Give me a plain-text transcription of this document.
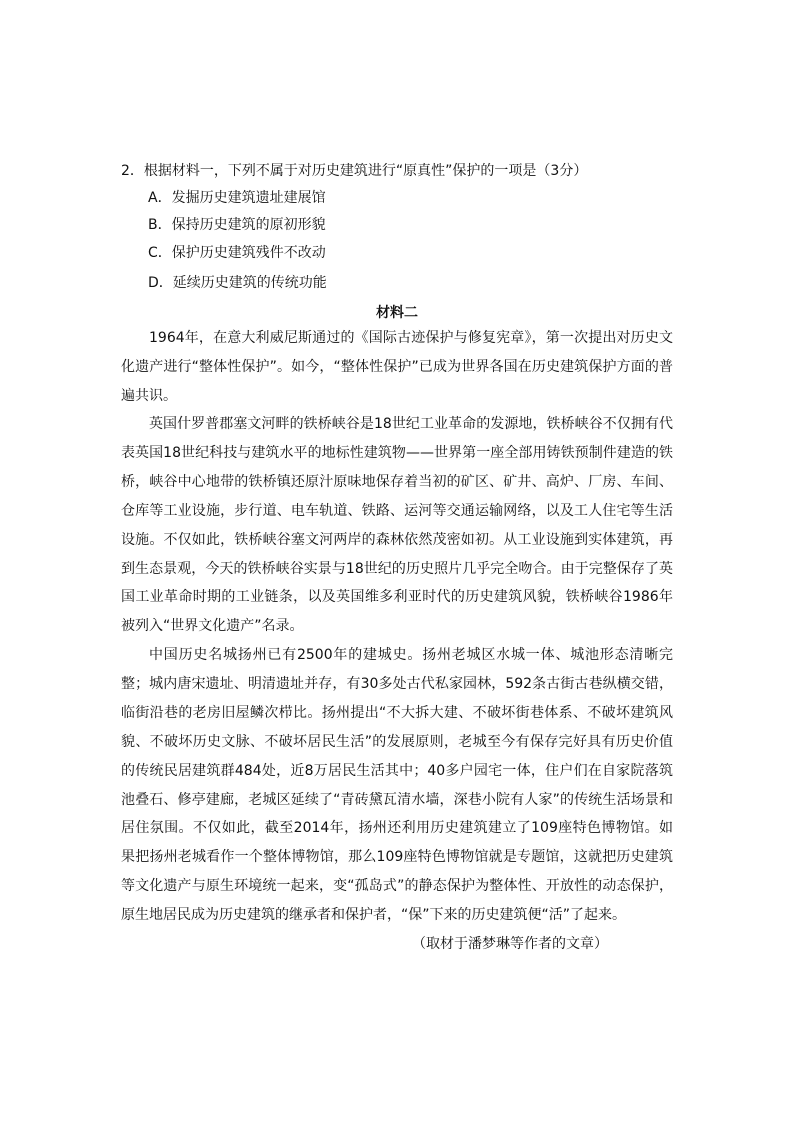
2．根据材料一，下列不属于对历史建筑进行“原真性”保护的一项是（3分）
A．发掘历史建筑遗址建展馆
B．保持历史建筑的原初形貌
C．保护历史建筑残件不改动
D．延续历史建筑的传统功能
材料二

1964年，在意大利威尼斯通过的《国际古迹保护与修复宪章》，第一次提出对历史文化遗产进行“整体性保护”。如今，“整体性保护”已成为世界各国在历史建筑保护方面的普遍共识。

英国什罗普郡塞文河畔的铁桥峡谷是18世纪工业革命的发源地，铁桥峡谷不仅拥有代表英国18世纪科技与建筑水平的地标性建筑物——世界第一座全部用铸铁预制件建造的铁桥，峡谷中心地带的铁桥镇还原汁原味地保存着当初的矿区、矿井、高炉、厂房、车间、仓库等工业设施，步行道、电车轨道、铁路、运河等交通运输网络，以及工人住宅等生活设施。不仅如此，铁桥峡谷塞文河两岸的森林依然茂密如初。从工业设施到实体建筑，再到生态景观，今天的铁桥峡谷实景与18世纪的历史照片几乎完全吻合。由于完整保存了英国工业革命时期的工业链条，以及英国维多利亚时代的历史建筑风貌，铁桥峡谷1986年被列入“世界文化遗产”名录。

中国历史名城扬州已有2500年的建城史。扬州老城区水城一体、城池形态清晰完整；城内唐宋遗址、明清遗址并存，有30多处古代私家园林，592条古街古巷纵横交错，临街沿巷的老房旧屋鳞次栉比。扬州提出“不大拆大建、不破坏街巷体系、不破坏建筑风貌、不破坏历史文脉、不破坏居民生活”的发展原则，老城至今有保存完好具有历史价值的传统民居建筑群484处，近8万居民生活其中；40多户园宅一体，住户们在自家院落筑池叠石、修亭建廊，老城区延续了“青砖黛瓦清水墙，深巷小院有人家”的传统生活场景和居住氛围。不仅如此，截至2014年，扬州还利用历史建筑建立了109座特色博物馆。如果把扬州老城看作一个整体博物馆，那么109座特色博物馆就是专题馆，这就把历史建筑等文化遗产与原生环境统一起来，变“孤岛式”的静态保护为整体性、开放性的动态保护，原生地居民成为历史建筑的继承者和保护者，“保”下来的历史建筑便“活”了起来。

（取材于潘梦琳等作者的文章）
